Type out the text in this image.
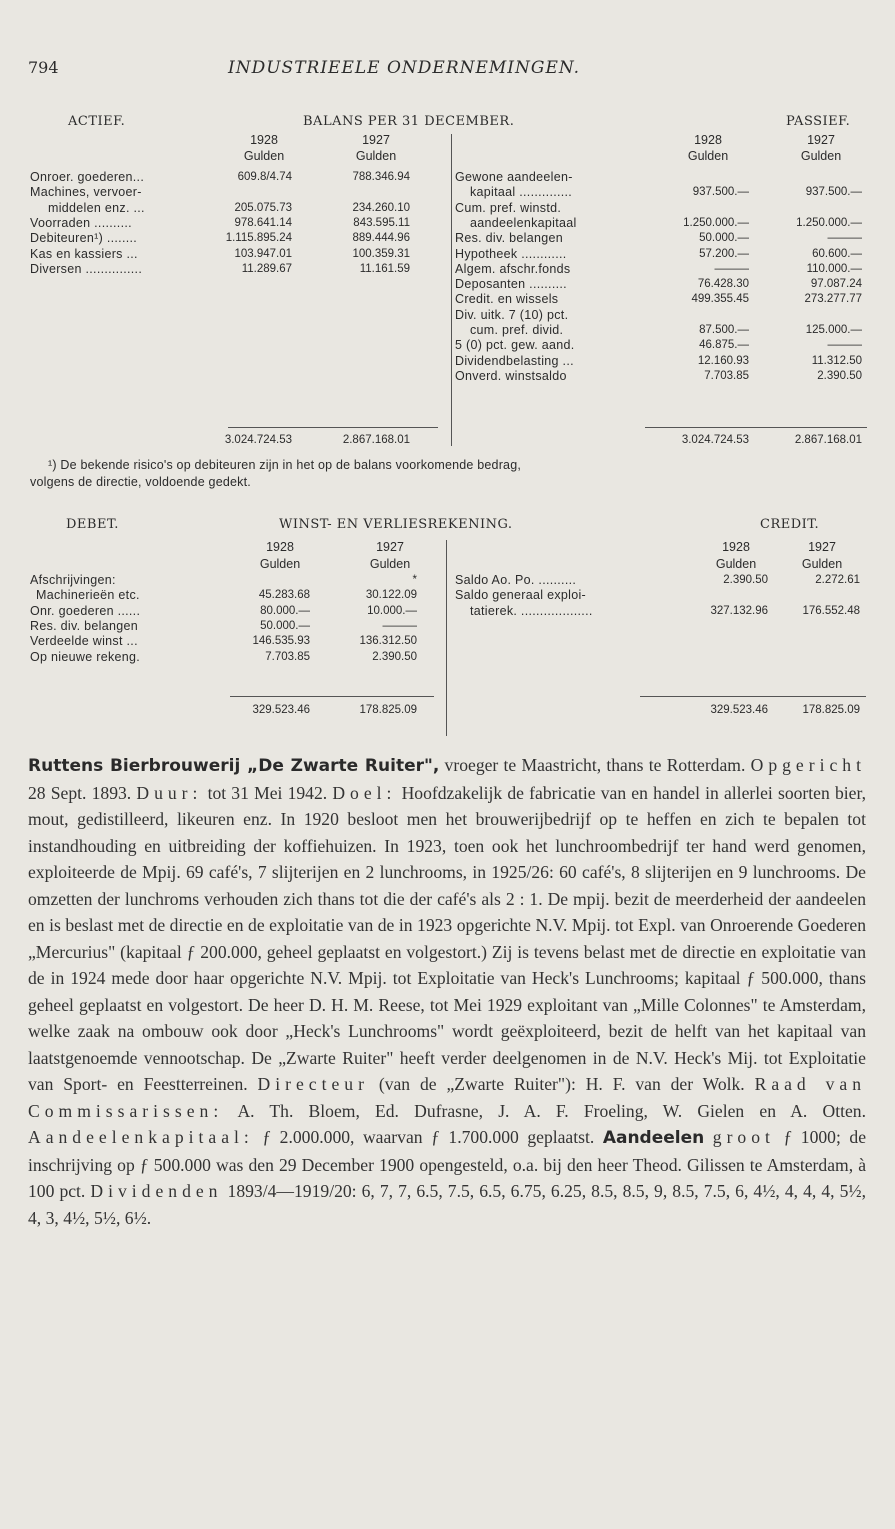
794	INDUSTRIEELE ONDERNEMINGEN.
ACTIEF.	BALANS PER 31 DECEMBER.	PASSIEF.
1928	1927
Gulden	Gulden
1928	1927
Gulden	Gulden
Onroer. goederen...	609.8/4.74	788.346.94
Machines, vervoer-
middelen enz. ...	205.075.73	234.260.10
Voorraden ..........	978.641.14	843.595.11
Debiteuren¹) ........	1.115.895.24	889.444.96
Kas en kassiers ...	103.947.01	100.359.31
Diversen ...............	11.289.67	11.161.59
Gewone aandeelen-
kapitaal ..............	937.500.—	937.500.—
Cum. pref. winstd.
aandeelenkapitaal	1.250.000.—	1.250.000.—
Res. div. belangen	50.000.—	———
Hypotheek ............	57.200.—	60.600.—
Algem. afschr.fonds	———	110.000.—
Deposanten ..........	76.428.30	97.087.24
Credit. en wissels	499.355.45	273.277.77
Div. uitk. 7 (10) pct.
cum. pref. divid.	87.500.—	125.000.—
5 (0) pct. gew. aand.	46.875.—	———
Dividendbelasting ...	12.160.93	11.312.50
Onverd. winstsaldo	7.703.85	2.390.50
3.024.724.53	2.867.168.01	3.024.724.53	2.867.168.01
¹) De bekende risico's op debiteuren zijn in het op de balans voorkomende bedrag,
volgens de directie, voldoende gedekt.
DEBET.	WINST- EN VERLIESREKENING.	CREDIT.
1928	1927
Gulden	Gulden
1928	1927
Gulden	Gulden
Afschrijvingen:	*
Machinerieën etc.	45.283.68	30.122.09
Onr. goederen ......	80.000.—	10.000.—
Res. div. belangen	50.000.—	———
Verdeelde winst ...	146.535.93	136.312.50
Op nieuwe rekeng.	7.703.85	2.390.50
Saldo Ao. Po. ..........	2.390.50	2.272.61
Saldo generaal exploi-
tatierek. ...................	327.132.96	176.552.48
329.523.46	178.825.09	329.523.46	178.825.09
Ruttens Bierbrouwerij „De Zwarte Ruiter", vroeger te Maastricht, thans te Rotterdam. Opgericht 28 Sept. 1893. Duur: tot 31 Mei 1942. Doel: Hoofdzakelijk de fabricatie van en handel in allerlei soorten bier, mout, gedistilleerd, likeuren enz. In 1920 besloot men het brouwerijbedrijf op te heffen en zich te bepalen tot instandhouding en uitbreiding der koffiehuizen. In 1923, toen ook het lunchroombedrijf ter hand werd genomen, exploiteerde de Mpij. 69 café's, 7 slijterijen en 2 lunchrooms, in 1925/26: 60 café's, 8 slijterijen en 9 lunchrooms. De omzetten der lunchroms verhouden zich thans tot die der café's als 2 : 1. De mpij. bezit de meerderheid der aandeelen en is beslast met de directie en de exploitatie van de in 1923 opgerichte N.V. Mpij. tot Expl. van Onroerende Goederen „Mercurius" (kapitaal ƒ 200.000, geheel geplaatst en volgestort.) Zij is tevens belast met de directie en exploitatie van de in 1924 mede door haar opgerichte N.V. Mpij. tot Exploitatie van Heck's Lunchrooms; kapitaal ƒ 500.000, thans geheel geplaatst en volgestort. De heer D. H. M. Reese, tot Mei 1929 exploitant van „Mille Colonnes" te Amsterdam, welke zaak na ombouw ook door „Heck's Lunchrooms" wordt geëxploiteerd, bezit de helft van het kapitaal van laatstgenoemde vennootschap. De „Zwarte Ruiter" heeft verder deelgenomen in de N.V. Heck's Mij. tot Exploitatie van Sport- en Feestterreinen. Directeur (van de „Zwarte Ruiter"): H. F. van der Wolk. Raad van Commissarissen: A. Th. Bloem, Ed. Dufrasne, J. A. F. Froeling, W. Gielen en A. Otten. Aandeelenkapitaal: ƒ 2.000.000, waarvan ƒ 1.700.000 geplaatst. Aandeelen groot ƒ 1000; de inschrijving op ƒ 500.000 was den 29 December 1900 opengesteld, o.a. bij den heer Theod. Gilissen te Amsterdam, à 100 pct. Dividenden 1893/4—1919/20: 6, 7, 7, 6.5, 7.5, 6.5, 6.75, 6.25, 8.5, 8.5, 9, 8.5, 7.5, 6, 4½, 4, 4, 4, 5½, 4, 3, 4½, 5½, 6½.
